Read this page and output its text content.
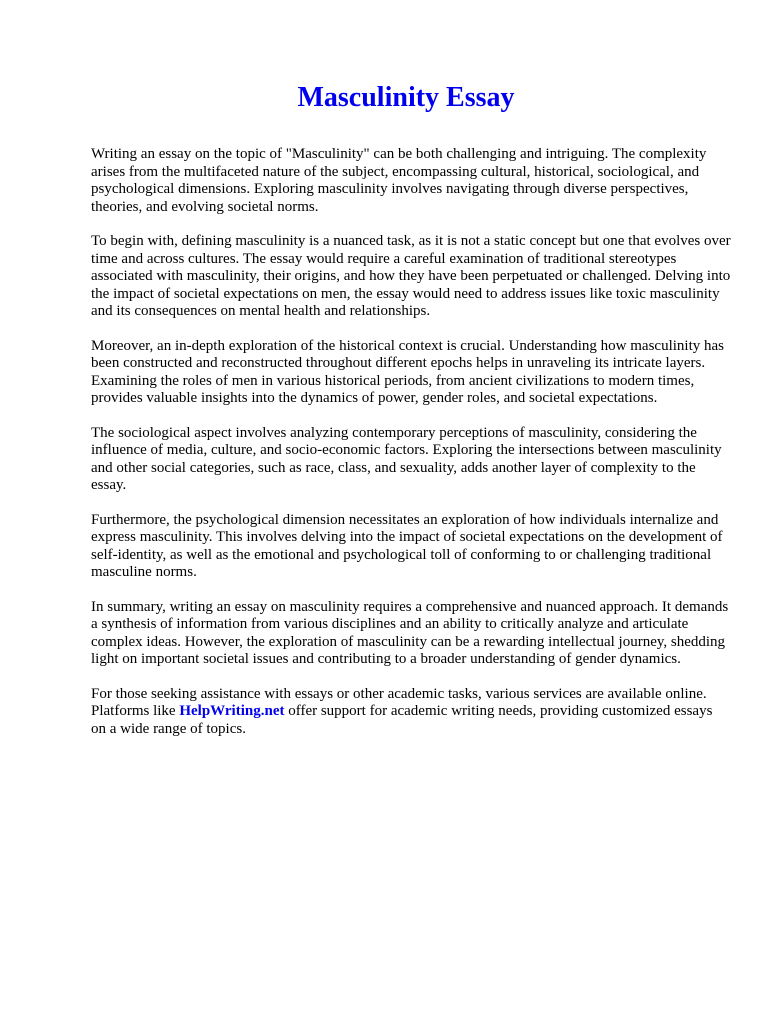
Masculinity Essay

Writing an essay on the topic of "Masculinity" can be both challenging and intriguing. The complexity arises from the multifaceted nature of the subject, encompassing cultural, historical, sociological, and psychological dimensions. Exploring masculinity involves navigating through diverse perspectives, theories, and evolving societal norms.

To begin with, defining masculinity is a nuanced task, as it is not a static concept but one that evolves over time and across cultures. The essay would require a careful examination of traditional stereotypes associated with masculinity, their origins, and how they have been perpetuated or challenged. Delving into the impact of societal expectations on men, the essay would need to address issues like toxic masculinity and its consequences on mental health and relationships.

Moreover, an in-depth exploration of the historical context is crucial. Understanding how masculinity has been constructed and reconstructed throughout different epochs helps in unraveling its intricate layers. Examining the roles of men in various historical periods, from ancient civilizations to modern times, provides valuable insights into the dynamics of power, gender roles, and societal expectations.

The sociological aspect involves analyzing contemporary perceptions of masculinity, considering the influence of media, culture, and socio-economic factors. Exploring the intersections between masculinity and other social categories, such as race, class, and sexuality, adds another layer of complexity to the essay.

Furthermore, the psychological dimension necessitates an exploration of how individuals internalize and express masculinity. This involves delving into the impact of societal expectations on the development of self-identity, as well as the emotional and psychological toll of conforming to or challenging traditional masculine norms.

In summary, writing an essay on masculinity requires a comprehensive and nuanced approach. It demands a synthesis of information from various disciplines and an ability to critically analyze and articulate complex ideas. However, the exploration of masculinity can be a rewarding intellectual journey, shedding light on important societal issues and contributing to a broader understanding of gender dynamics.

For those seeking assistance with essays or other academic tasks, various services are available online. Platforms like HelpWriting.net offer support for academic writing needs, providing customized essays on a wide range of topics.
